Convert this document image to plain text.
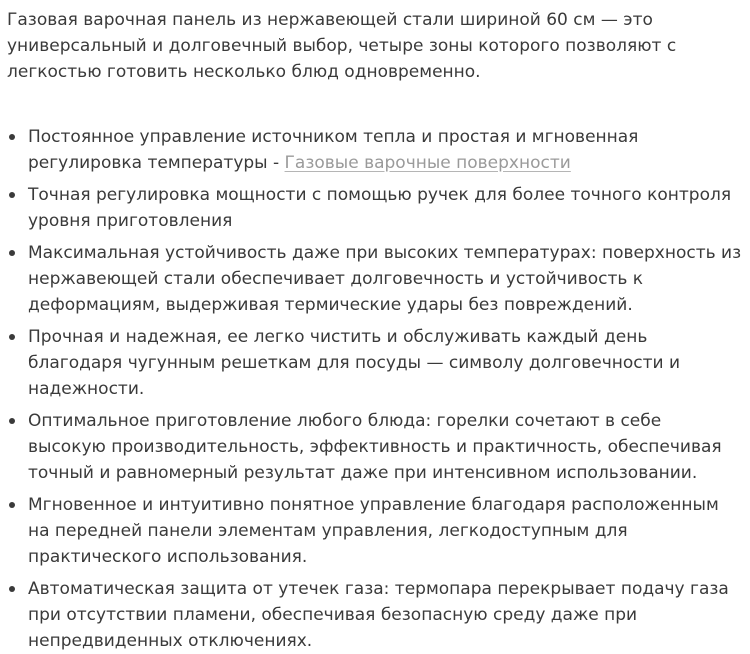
Газовая варочная панель из нержавеющей стали шириной 60 см — это универсальный и долговечный выбор, четыре зоны которого позволяют с легкостью готовить несколько блюд одновременно.

Постоянное управление источником тепла и простая и мгновенная регулировка температуры - Газовые варочные поверхности
Точная регулировка мощности с помощью ручек для более точного контроля уровня приготовления
Максимальная устойчивость даже при высоких температурах: поверхность из нержавеющей стали обеспечивает долговечность и устойчивость к деформациям, выдерживая термические удары без повреждений.
Прочная и надежная, ее легко чистить и обслуживать каждый день благодаря чугунным решеткам для посуды — символу долговечности и надежности.
Оптимальное приготовление любого блюда: горелки сочетают в себе высокую производительность, эффективность и практичность, обеспечивая точный и равномерный результат даже при интенсивном использовании.
Мгновенное и интуитивно понятное управление благодаря расположенным на передней панели элементам управления, легкодоступным для практического использования.
Автоматическая защита от утечек газа: термопара перекрывает подачу газа при отсутствии пламени, обеспечивая безопасную среду даже при непредвиденных отключениях.
